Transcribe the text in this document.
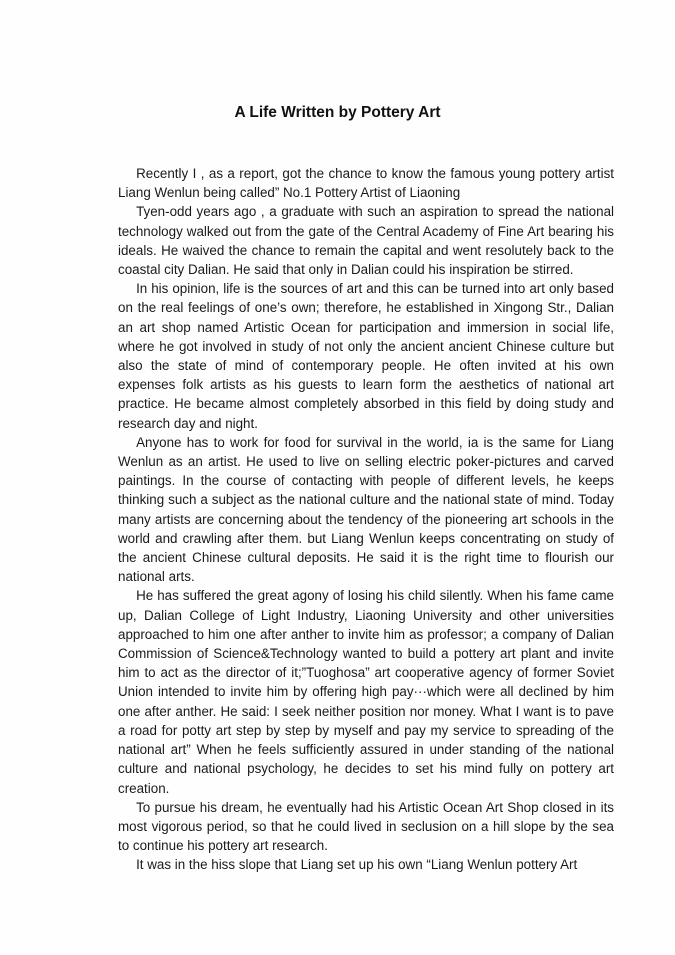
A Life Written by Pottery Art

Recently I , as a report, got the chance to know the famous young pottery artist Liang Wenlun being called” No.1 Pottery Artist of Liaoning

Tyen-odd years ago , a graduate with such an aspiration to spread the national technology walked out from the gate of the Central Academy of Fine Art bearing his ideals. He waived the chance to remain the capital and went resolutely back to the coastal city Dalian. He said that only in Dalian could his inspiration be stirred.

In his opinion, life is the sources of art and this can be turned into art only based on the real feelings of one’s own; therefore, he established in Xingong Str., Dalian an art shop named Artistic Ocean for participation and immersion in social life, where he got involved in study of not only the ancient ancient Chinese culture but also the state of mind of contemporary people. He often invited at his own expenses folk artists as his guests to learn form the aesthetics of national art practice. He became almost completely absorbed in this field by doing study and research day and night.

Anyone has to work for food for survival in the world, ia is the same for Liang Wenlun as an artist. He used to live on selling electric poker-pictures and carved paintings. In the course of contacting with people of different levels, he keeps thinking such a subject as the national culture and the national state of mind. Today many artists are concerning about the tendency of the pioneering art schools in the world and crawling after them. but Liang Wenlun keeps concentrating on study of the ancient Chinese cultural deposits. He said it is the right time to flourish our national arts.

He has suffered the great agony of losing his child silently. When his fame came up, Dalian College of Light Industry, Liaoning University and other universities approached to him one after anther to invite him as professor; a company of Dalian Commission of Science&Technology wanted to build a pottery art plant and invite him to act as the director of it;”Tuoghosa” art cooperative agency of former Soviet Union intended to invite him by offering high pay···which were all declined by him one after anther. He said: I seek neither position nor money. What I want is to pave a road for potty art step by step by myself and pay my service to spreading of the national art” When he feels sufficiently assured in under standing of the national culture and national psychology, he decides to set his mind fully on pottery art creation.

To pursue his dream, he eventually had his Artistic Ocean Art Shop closed in its most vigorous period, so that he could lived in seclusion on a hill slope by the sea to continue his pottery art research.

It was in the hiss slope that Liang set up his own “Liang Wenlun pottery Art
